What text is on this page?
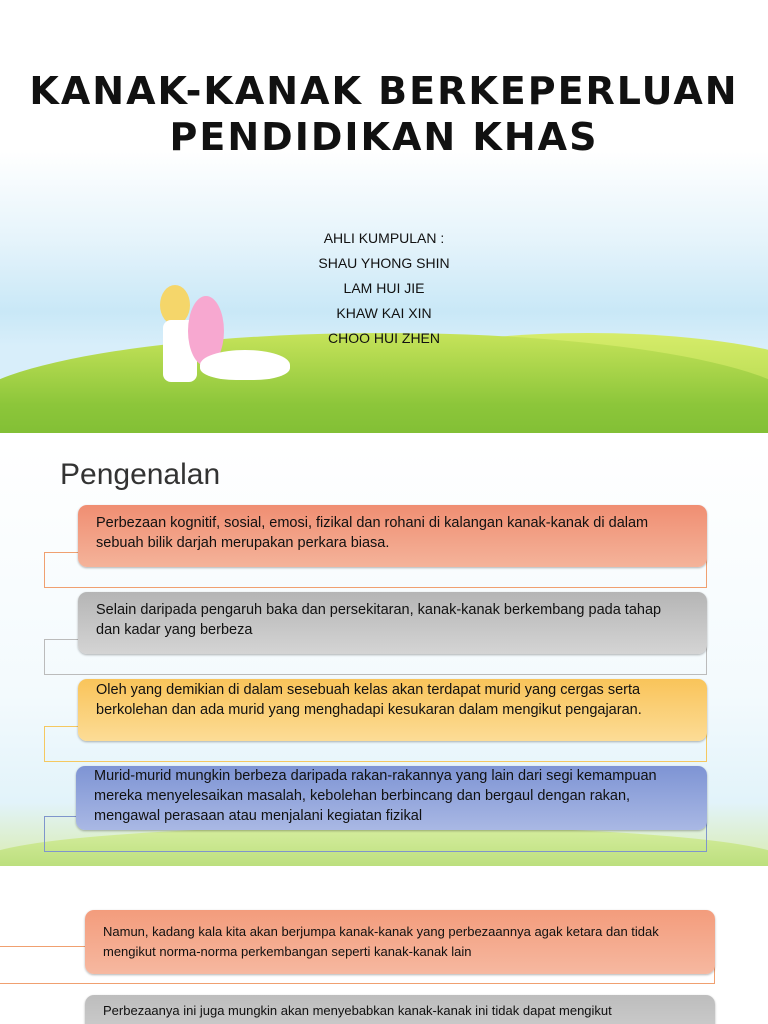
KANAK-KANAK BERKEPERLUAN
PENDIDIKAN KHAS
AHLI KUMPULAN :
SHAU YHONG SHIN
LAM HUI JIE
KHAW KAI XIN
CHOO HUI ZHEN
Pengenalan
Perbezaan kognitif, sosial, emosi, fizikal dan rohani di kalangan kanak-kanak di dalam sebuah bilik darjah merupakan perkara biasa.
Selain daripada pengaruh baka dan persekitaran, kanak-kanak berkembang pada tahap dan kadar yang berbeza
Oleh yang demikian di dalam sesebuah kelas akan terdapat murid yang cergas serta berkolehan dan ada murid yang menghadapi kesukaran dalam mengikut pengajaran.
Murid-murid mungkin berbeza daripada rakan-rakannya yang lain dari segi kemampuan mereka menyelesaikan masalah, kebolehan berbincang dan bergaul dengan rakan, mengawal perasaan atau menjalani kegiatan fizikal
Namun, kadang kala kita akan berjumpa kanak-kanak yang perbezaannya agak ketara dan tidak mengikut norma-norma perkembangan seperti kanak-kanak lain
Perbezaanya ini juga mungkin akan menyebabkan kanak-kanak ini tidak dapat mengikut
